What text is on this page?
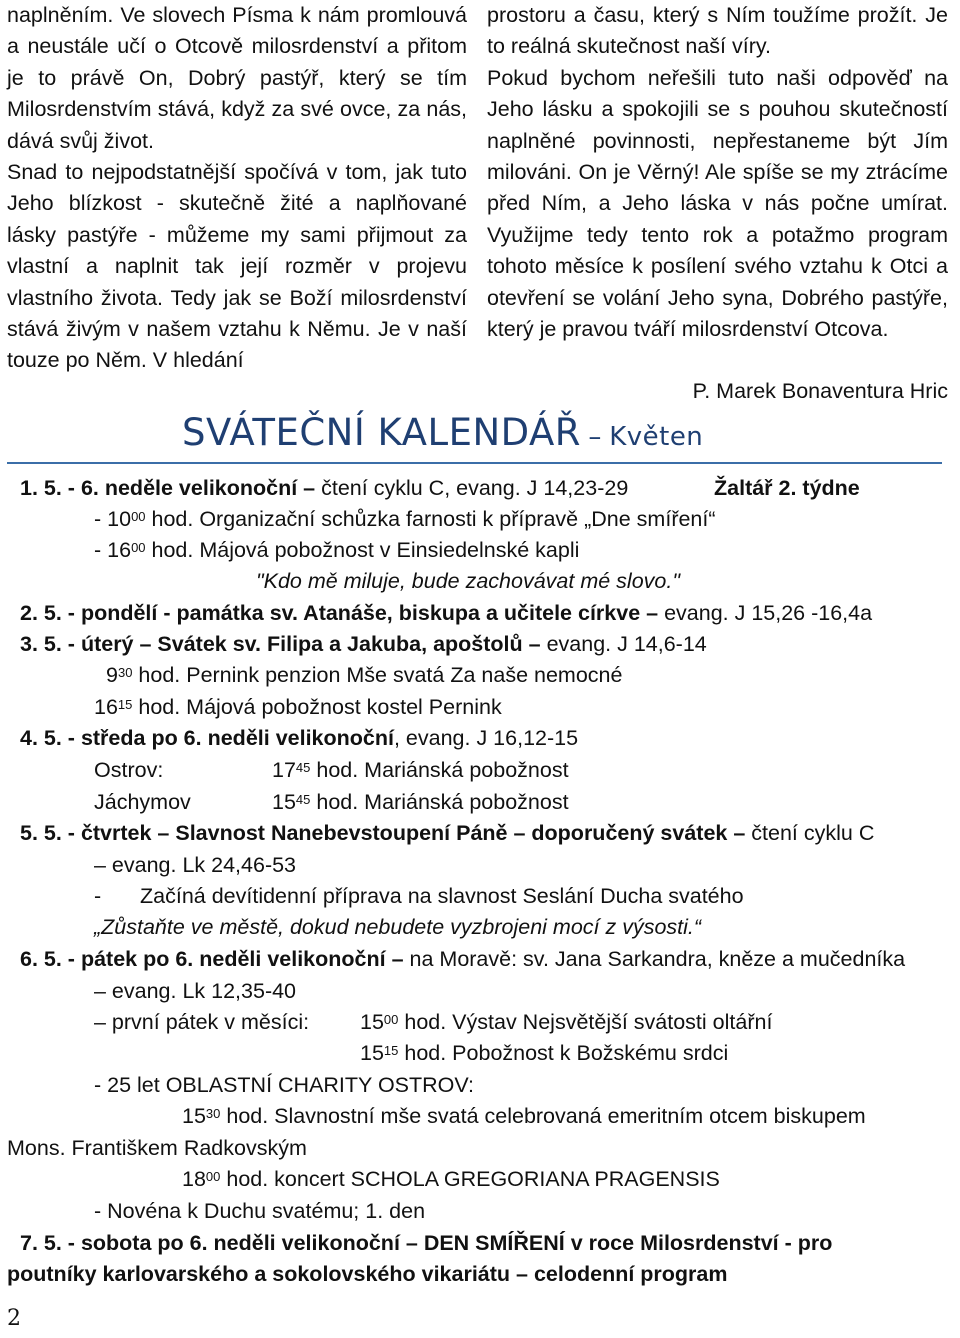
naplněním. Ve slovech Písma k nám promlouvá a neustále učí o Otcově milosrdenství a přitom je to právě On, Dobrý pastýř, který se tím Milosrdenstvím stává, když za své ovce, za nás, dává svůj život.

Snad to nejpodstatnější spočívá v tom, jak tuto Jeho blízkost - skutečně žité a naplňované lásky pastýře - můžeme my sami přijmout za vlastní a naplnit tak její rozměr v projevu vlastního života. Tedy jak se Boží milosrdenství stává živým v našem vztahu k Němu. Je v naší touze po Něm. V hledání

prostoru a času, který s Ním toužíme prožít. Je to reálná skutečnost naší víry.

Pokud bychom neřešili tuto naši odpověď na Jeho lásku a spokojili se s pouhou skutečností naplněné povinnosti, nepřestaneme být Jím milováni. On je Věrný! Ale spíše se my ztrácíme před Ním, a Jeho láska v nás počne umírat. Využijme tedy tento rok a potažmo program tohoto měsíce k posílení svého vztahu k Otci a otevření se volání Jeho syna, Dobrého pastýře, který je pravou tváří milosrdenství Otcova.

P. Marek Bonaventura Hric
SVÁTEČNÍ KALENDÁŘ – Květen
1. 5. - 6. neděle velikonoční – čtení cyklu C, evang. J 14,23-29	Žaltář 2. týdne
- $10^{00}$ hod. Organizační schůzka farnosti k přípravě „Dne smíření“
- $16^{00}$ hod. Májová pobožnost v Einsiedelnské kapli
"Kdo mě miluje, bude zachovávat mé slovo."
2. 5. - pondělí - památka sv. Atanáše, biskupa a učitele církve – evang. J 15,26 -16,4a
3. 5. - úterý – Svátek sv. Filipa a Jakuba, apoštolů – evang. J 14,6-14
$9^{30}$ hod. Pernink penzion Mše svatá Za naše nemocné
$16^{15}$ hod. Májová pobožnost kostel Pernink
4. 5. - středa po 6. neděli velikonoční, evang. J 16,12-15
Ostrov:	$17^{45}$ hod. Mariánská pobožnost
Jáchymov	$15^{45}$ hod. Mariánská pobožnost
5. 5. - čtvrtek – Slavnost Nanebevstoupení Páně – doporučený svátek – čtení cyklu C
– evang. Lk 24,46-53
- Začíná devítidenní příprava na slavnost Seslání Ducha svatého
„Zůstaňte ve městě, dokud nebudete vyzbrojeni mocí z výsosti.“
6. 5. - pátek po 6. neděli velikonoční – na Moravě: sv. Jana Sarkandra, kněze a mučedníka
– evang. Lk 12,35-40
– první pátek v měsíci: $15^{00}$ hod. Výstav Nejsvětější svátosti oltářní
$15^{15}$ hod. Pobožnost k Božskému srdci
- 25 let OBLASTNÍ CHARITY OSTROV:
$15^{30}$ hod. Slavnostní mše svatá celebrovaná emeritním otcem biskupem
Mons. Františkem Radkovským
$18^{00}$ hod. koncert SCHOLA GREGORIANA PRAGENSIS
- Novéna k Duchu svatému; 1. den
7. 5. - sobota po 6. neděli velikonoční – DEN SMÍŘENÍ v roce Milosrdenství - pro
poutníky karlovarského a sokolovského vikariátu – celodenní program
2
